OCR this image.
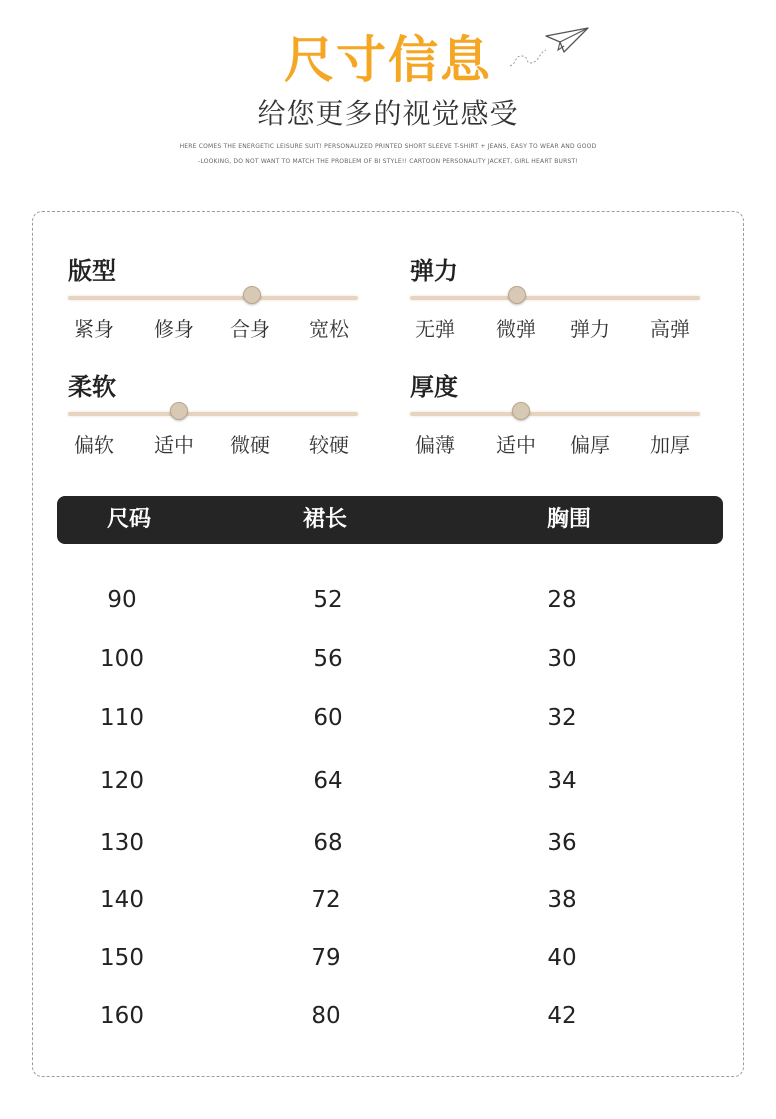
尺寸信息
给您更多的视觉感受
HERE COMES THE ENERGETIC LEISURE SUIT! PERSONALIZED PRINTED SHORT SLEEVE T-SHIRT + JEANS, EASY TO WEAR AND GOOD
-LOOKING, DO NOT WANT TO MATCH THE PROBLEM OF BI STYLE!! CARTOON PERSONALITY JACKET, GIRL HEART BURST!
版型
紧身 修身 合身 宽松
弹力
无弹 微弹 弹力 高弹
柔软
偏软 适中 微硬 较硬
厚度
偏薄 适中 偏厚 加厚
尺码	裙长	胸围
90	52	28
100	56	30
110	60	32
120	64	34
130	68	36
140	72	38
150	79	40
160	80	42
